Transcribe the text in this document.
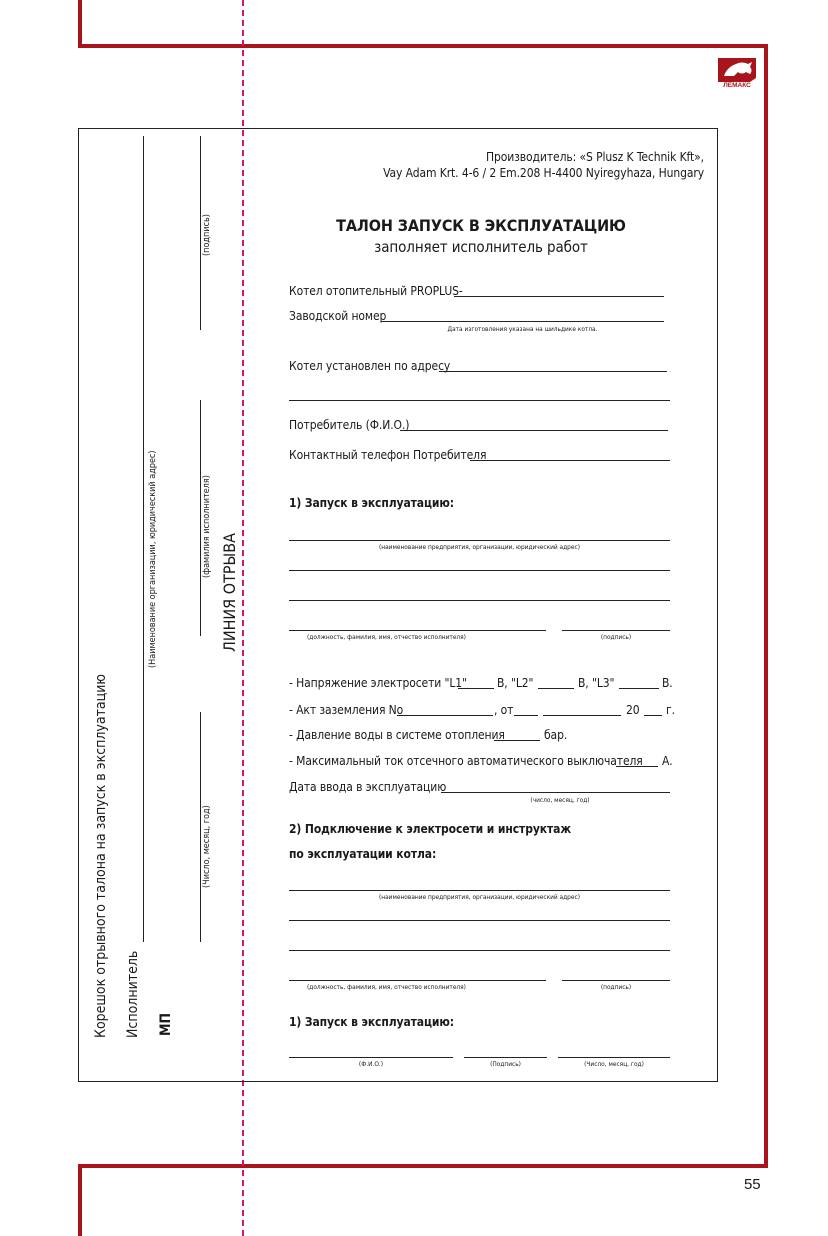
ЛЕМАКС
Корешок отрывного талона на запуск в эксплуатацию Исполнитель МП
(Наименование организации, юридический адрес)
(подпись)
(фамилия исполнителя)
(Число, месяц, год)
ЛИНИЯ ОТРЫВА
Производитель: «S Plusz K Technik Kft»,
Vay Adam Krt. 4-6 / 2 Em.208 H-4400 Nyiregyhaza, Hungary
ТАЛОН ЗАПУСК В ЭКСПЛУАТАЦИЮ
заполняет исполнитель работ
Котел отопительный PROPLUS-
Заводской номер
Дата изготовления указана на шильдике котла.
Котел установлен по адресу
Потребитель (Ф.И.О.)
Контактный телефон Потребителя
1) Запуск в эксплуатацию:
(наименование предприятия, организации, юридический адрес)
(должность, фамилия, имя, отчество исполнителя)	(подпись)
- Напряжение электросети "L1"	В, "L2"	В, "L3"	В.
- Акт заземления No	, от	20 г.
- Давление воды в системе отопления	бар.
- Максимальный ток отсечного автоматического выключателя А.
Дата ввода в эксплуатацию
(число, месяц, год)
2) Подключение к электросети и инструктаж
по эксплуатации котла:
(наименование предприятия, организации, юридический адрес)
(должность, фамилия, имя, отчество исполнителя)	(подпись)
1) Запуск в эксплуатацию:
(Ф.И.О.)	(Подпись)	(Число, месяц, год)
55
